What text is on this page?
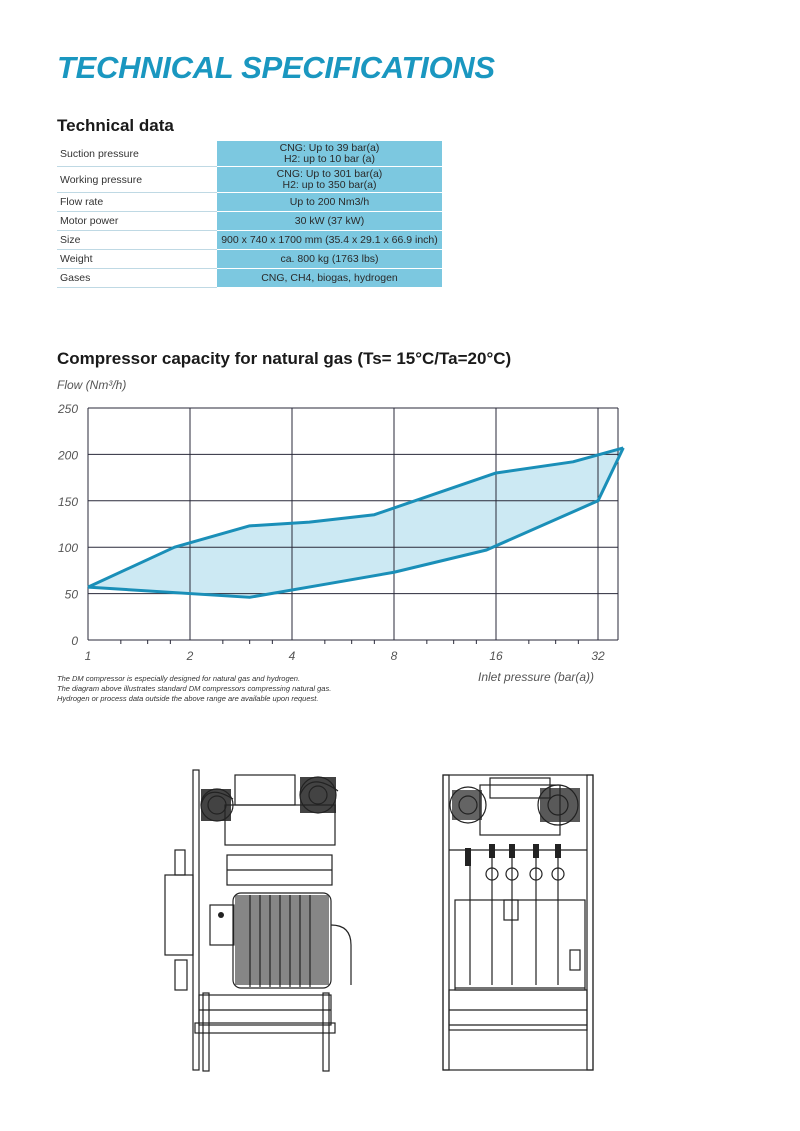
TECHNICAL SPECIFICATIONS
Technical data
Suction pressure	CNG: Up to 39 bar(a)
H2: up to 10 bar (a)

Working pressure	CNG: Up to 301 bar(a)
H2: up to 350 bar(a)

Flow rate	Up to 200 Nm3/h
Motor power	30 kW (37 kW)
Size	900 x 740 x 1700 mm (35.4 x 29.1 x 66.9 inch)
Weight	ca. 800 kg (1763 lbs)
Gases	CNG, CH4, biogas, hydrogen
Compressor capacity for natural gas (Ts= 15°C/Ta=20°C)
Flow (Nm³/h)
0
50
100
150
200
250
1	2	4	8	16	32
Inlet pressure (bar(a))

The DM compressor is especially designed for natural gas and hydrogen.

The diagram above illustrates standard DM compressors compressing natural gas.

Hydrogen or process data outside the above range are available upon request.
